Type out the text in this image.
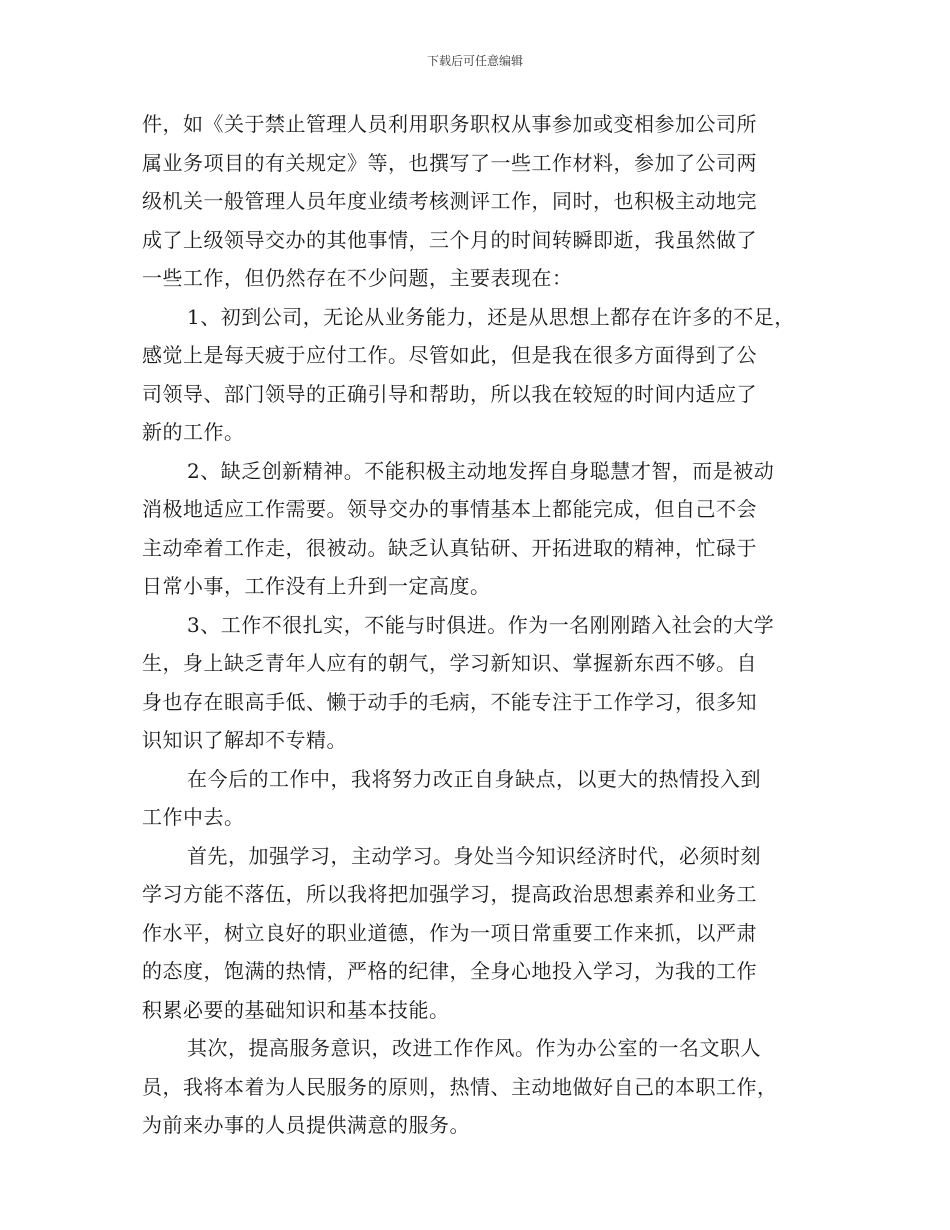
下载后可任意编辑
件，如《关于禁止管理人员利用职务职权从事参加或变相参加公司所
属业务项目的有关规定》等，也撰写了一些工作材料，参加了公司两
级机关一般管理人员年度业绩考核测评工作，同时，也积极主动地完
成了上级领导交办的其他事情，三个月的时间转瞬即逝，我虽然做了
一些工作，但仍然存在不少问题，主要表现在：
1、初到公司，无论从业务能力，还是从思想上都存在许多的不足，
感觉上是每天疲于应付工作。尽管如此，但是我在很多方面得到了公
司领导、部门领导的正确引导和帮助，所以我在较短的时间内适应了
新的工作。
2、缺乏创新精神。不能积极主动地发挥自身聪慧才智，而是被动
消极地适应工作需要。领导交办的事情基本上都能完成，但自己不会
主动牵着工作走，很被动。缺乏认真钻研、开拓进取的精神，忙碌于
日常小事，工作没有上升到一定高度。
3、工作不很扎实，不能与时俱进。作为一名刚刚踏入社会的大学
生，身上缺乏青年人应有的朝气，学习新知识、掌握新东西不够。自
身也存在眼高手低、懒于动手的毛病，不能专注于工作学习，很多知
识知识了解却不专精。
在今后的工作中，我将努力改正自身缺点，以更大的热情投入到
工作中去。
首先，加强学习，主动学习。身处当今知识经济时代，必须时刻
学习方能不落伍，所以我将把加强学习，提高政治思想素养和业务工
作水平，树立良好的职业道德，作为一项日常重要工作来抓，以严肃
的态度，饱满的热情，严格的纪律，全身心地投入学习，为我的工作
积累必要的基础知识和基本技能。
其次，提高服务意识，改进工作作风。作为办公室的一名文职人
员，我将本着为人民服务的原则，热情、主动地做好自己的本职工作，
为前来办事的人员提供满意的服务。
